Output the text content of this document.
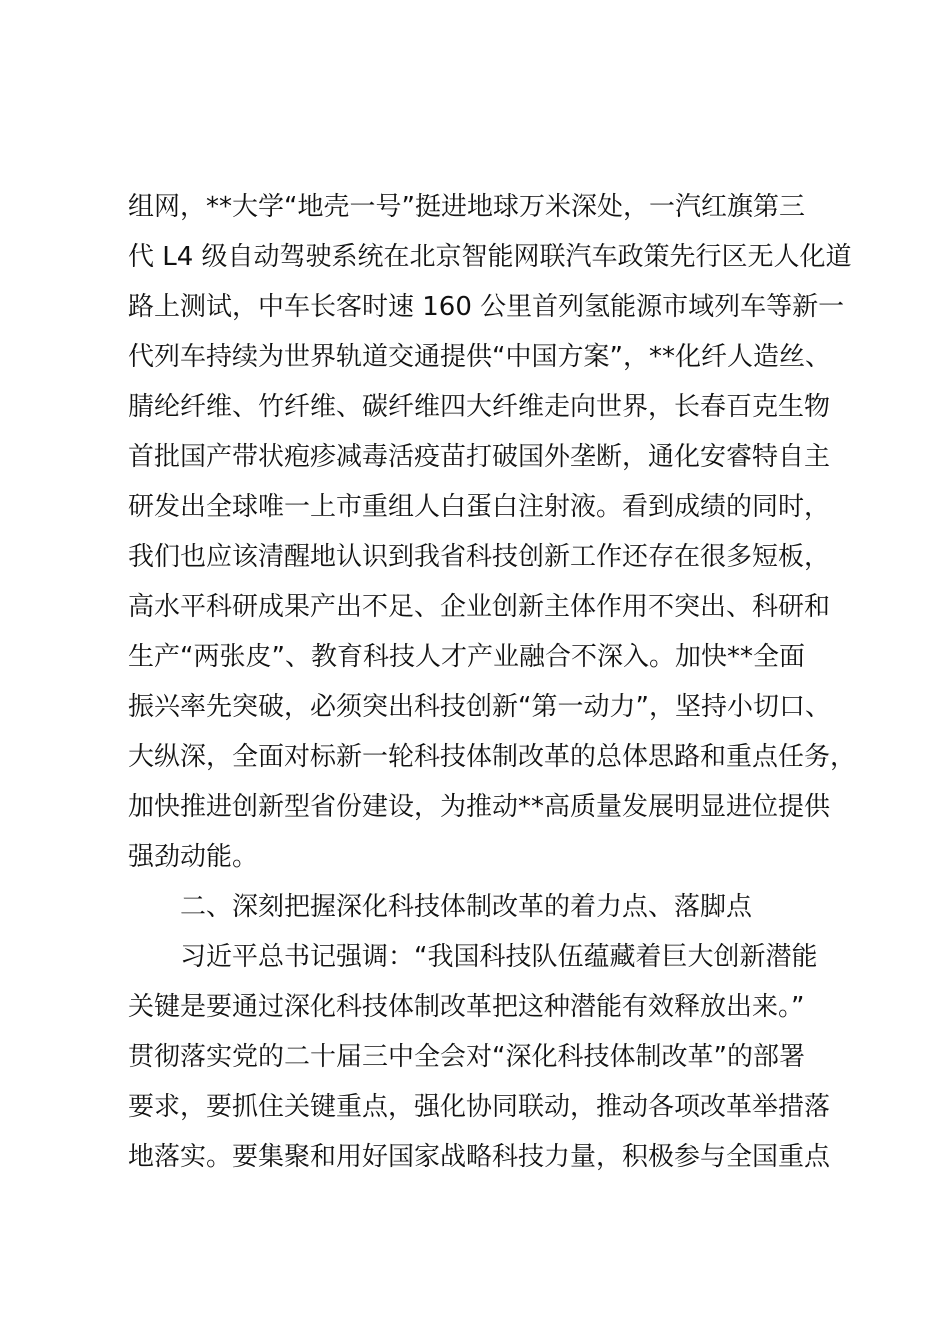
组网，**大学“地壳一号”挺进地球万米深处，一汽红旗第三
代 L4 级自动驾驶系统在北京智能网联汽车政策先行区无人化道
路上测试，中车长客时速 160 公里首列氢能源市域列车等新一
代列车持续为世界轨道交通提供“中国方案”，**化纤人造丝、
腈纶纤维、竹纤维、碳纤维四大纤维走向世界，长春百克生物
首批国产带状疱疹减毒活疫苗打破国外垄断，通化安睿特自主
研发出全球唯一上市重组人白蛋白注射液。看到成绩的同时，
我们也应该清醒地认识到我省科技创新工作还存在很多短板，
高水平科研成果产出不足、企业创新主体作用不突出、科研和
生产“两张皮”、教育科技人才产业融合不深入。加快**全面
振兴率先突破，必须突出科技创新“第一动力”，坚持小切口、
大纵深，全面对标新一轮科技体制改革的总体思路和重点任务，
加快推进创新型省份建设，为推动**高质量发展明显进位提供
强劲动能。
二、深刻把握深化科技体制改革的着力点、落脚点
习近平总书记强调：“我国科技队伍蕴藏着巨大创新潜能
关键是要通过深化科技体制改革把这种潜能有效释放出来。”
贯彻落实党的二十届三中全会对“深化科技体制改革”的部署
要求，要抓住关键重点，强化协同联动，推动各项改革举措落
地落实。要集聚和用好国家战略科技力量，积极参与全国重点
